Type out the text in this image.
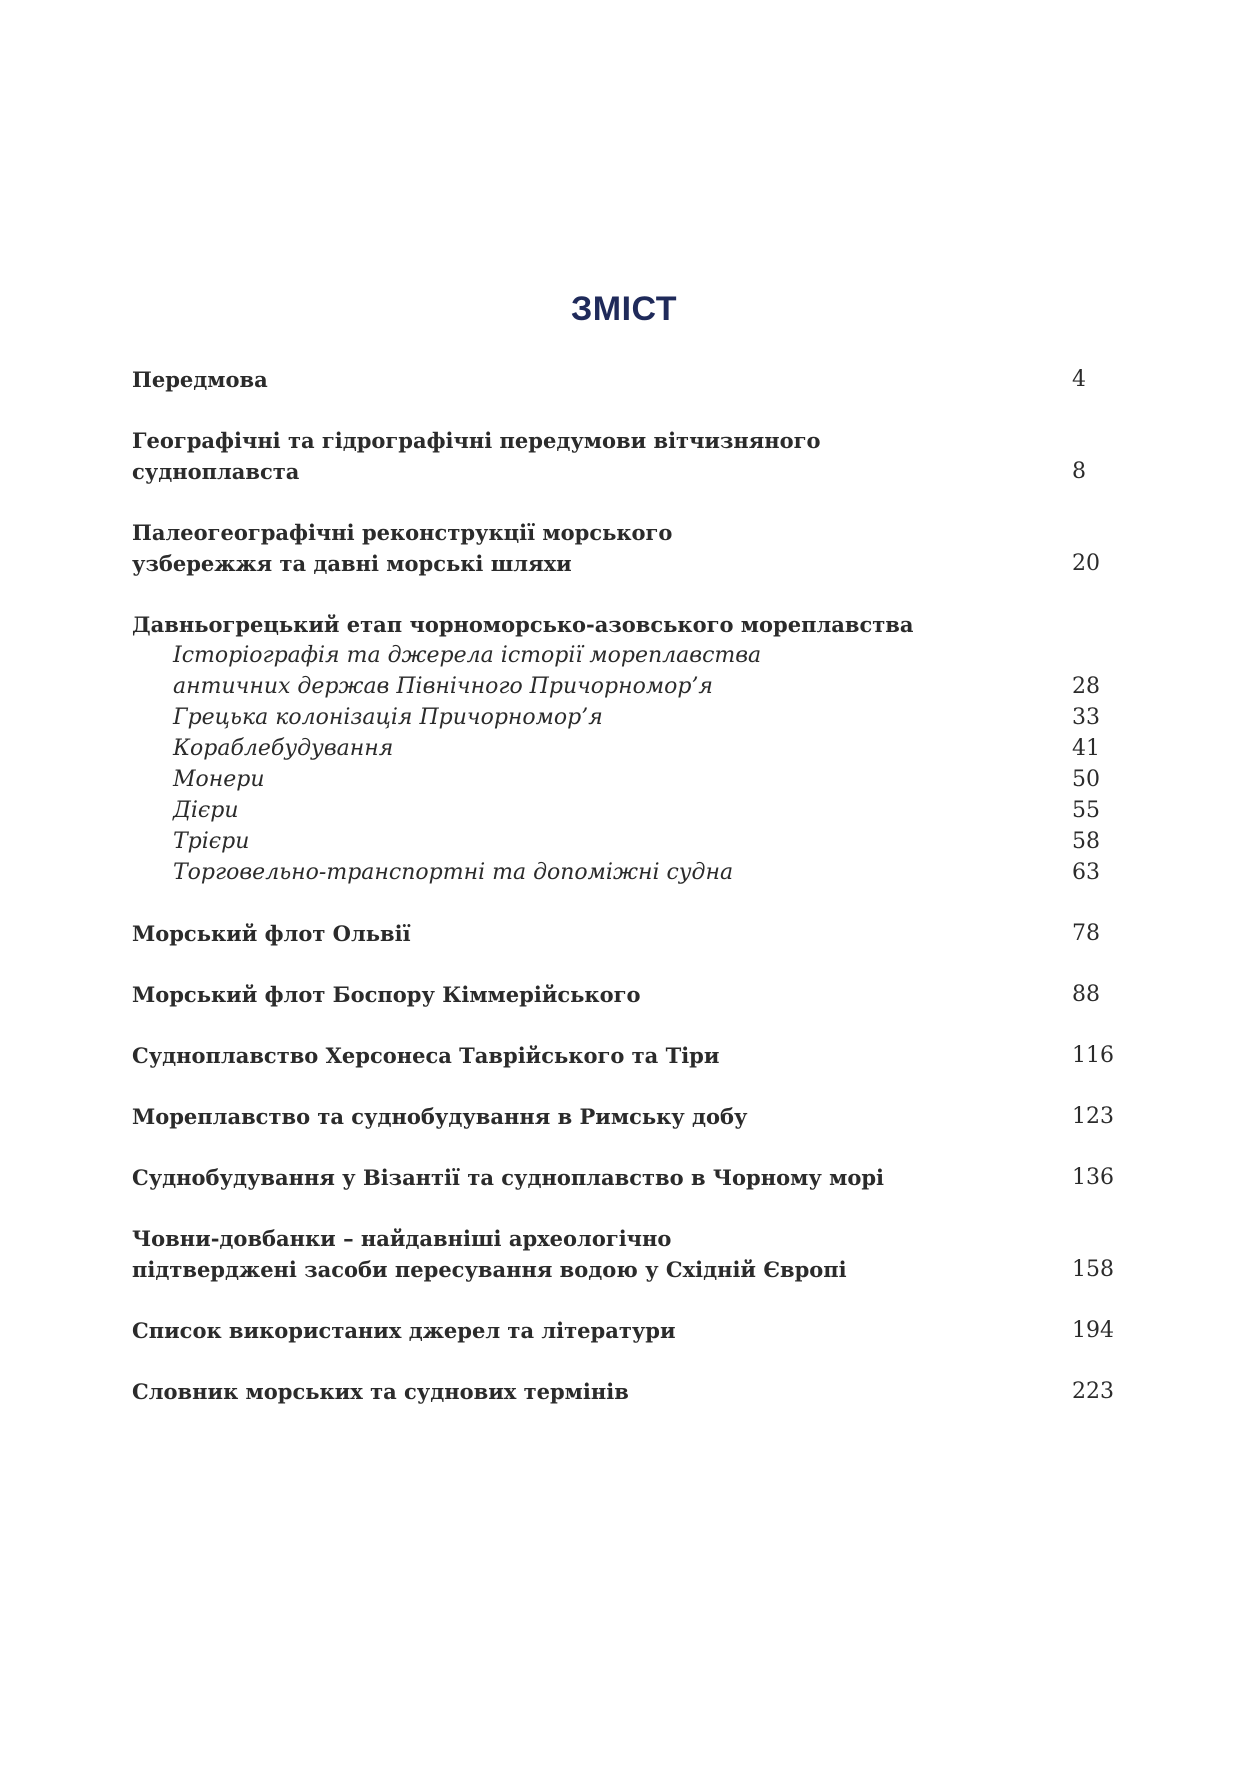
ЗМІСТ
Передмова	4
Географічні та гідрографічні передумови вітчизняного
судноплавста	8
Палеогеографічні реконструкції морського
узбережжя та давні морські шляхи	20
Давньогрецький етап чорноморсько-азовського мореплавства
Історіографія та джерела історії мореплавства
античних держав Північного Причорномор’я	28
Грецька колонізація Причорномор’я	33
Кораблебудування	41
Монери	50
Дієри	55
Трієри	58
Торговельно-транспортні та допоміжні судна	63
Морський флот Ольвії	78
Морський флот Боспору Кіммерійського	88
Судноплавство Херсонеса Таврійського та Тіри	116
Мореплавство та суднобудування в Римську добу	123
Суднобудування у Візантії та судноплавство в Чорному морі	136
Човни-довбанки – найдавніші археологічно
підтверджені засоби пересування водою у Східній Європі	158
Список використаних джерел та літератури	194
Словник морських та суднових термінів	223
